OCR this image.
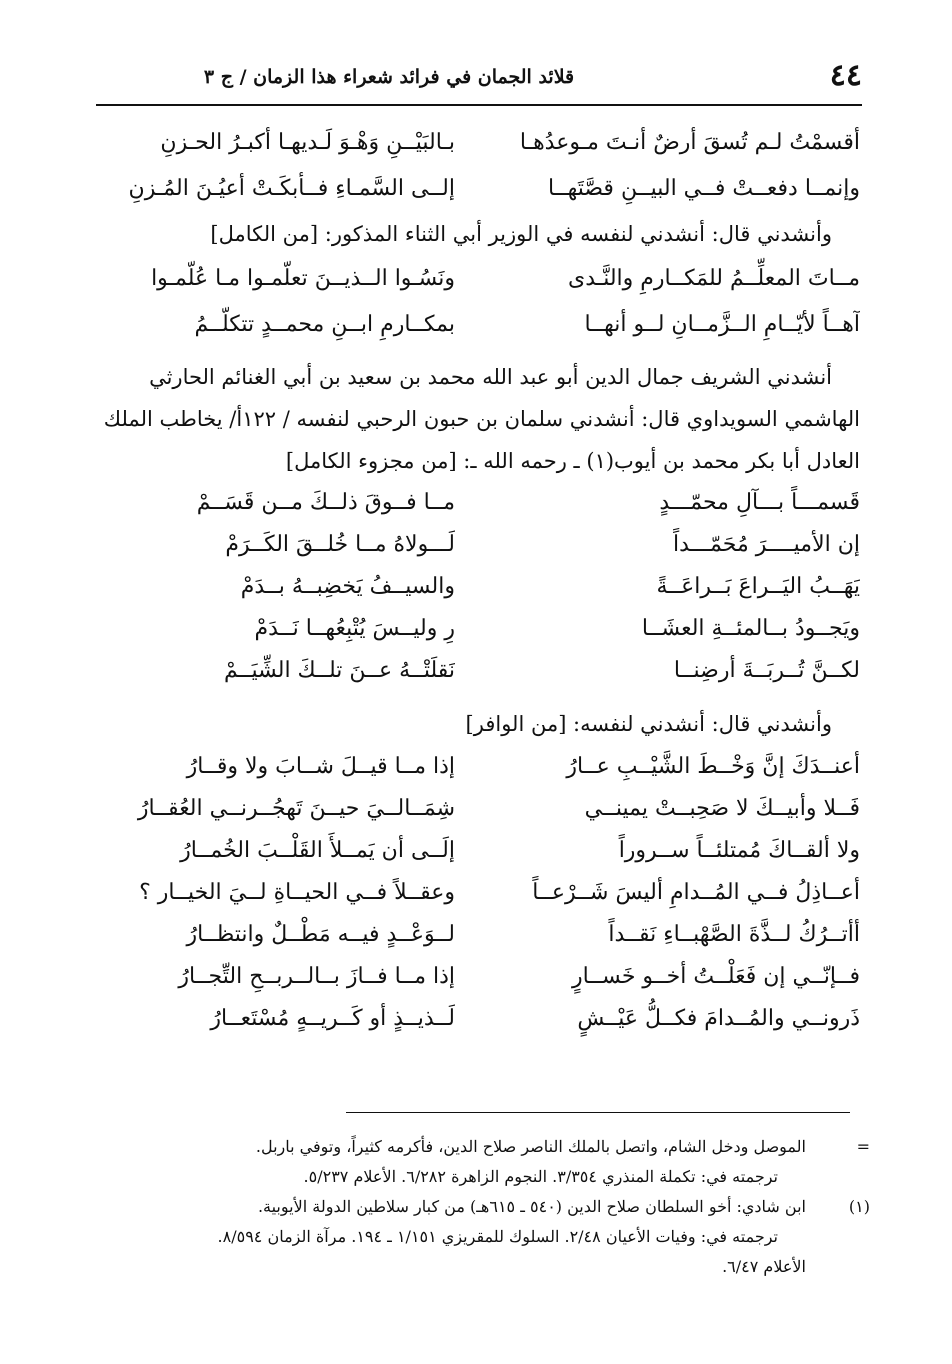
٤٤
قلائد الجمان في فرائد شعراء هذا الزمان / ج ٣
أقسمْتُ لـم تُسقَ أرضٌ أنـتَ مـوعدُهـا
بـالبَيْــنِ وَهْـوَ لَـديهـا أكبـرُ الحـزنِ
وإنمــا دفعــتْ فــي البيــنِ قصَّتَهــا
إلــى السَّمـاءِ فــأبكَـتْ أعيُـنَ المُـزنِ
وأنشدني قال: أنشدني لنفسه في الوزير أبي الثناء المذكور: [من الكامل]
مــاتَ المعلِّــمُ للمَكــارمِ والنَّـدى
ونَسُـوا الــذيــنَ تعلّمـوا مـا عُلّمـوا
آهــاً لأيّــامِ الــزَّمــانِ لــو أنهــا
بمكــارمِ ابــنِ محمــدٍ تتكلّــمُ
أنشدني الشريف جمال الدين أبو عبد الله محمد بن سعيد بن أبي الغنائم الحارثي
الهاشمي السويداوي قال: أنشدني سلمان بن حبون الرحبي لنفسه / ١٢٢أ/ يخاطب الملك
العادل أبا بكر محمد بن أيوب(١) ـ رحمه الله ـ: [من مجزوء الكامل]
قَسمـــاً بـــآلِ محمّـــدٍ
مــا فــوقَ ذلــكَ مــن قَسَــمْ
إن الأميــــرَ مُحَمّـــداً
لَـــولاهُ مــا خُلــقَ الكَــرَمْ
يَهَــبُ اليَــراعَ بَــراعَــةً
والسيــفُ يَخضِبــهُ بــدَمْ
ويَجــودُ بــالمئــةِ العشَــا
رِ وليــسَ يُتْبِعُهــا نَــدَمْ
لكــنَّ تُــربَــةَ أرضِنــا
نَقلَتْــهُ عــنَ تلــكَ الشِّيَــمْ
وأنشدني قال: أنشدني لنفسه: [من الوافر]
أعنــدَكَ إنَّ وَخْــطَ الشَّيْــبِ عــارُ
إذا مــا قيــلَ شــابَ ولا وقــارُ
فَــلا وأبيــكَ لا صَحِبــتْ يمينــي
شِمَــالــيَ حيــنَ تَهجُــرنــي العُقــارُ
ولا ألقــاكَ مُمتلئــاً ســروراً
إلَــى أن يَمــلأَ القَلْــبَ الخُمــارُ
أعــاذِلُ فــي المُــدامِ أليسَ شَــرْعــاً
وعقــلاً فــي الحيــاةِ لــيَ الخيــار ؟
أأتــرُكُ لــذَّةَ الصَّهْبــاءِ نَقــداً
لــوَعْــدٍ فيــه مَطْــلٌ وانتظــارُ
فــإنّــي إن فَعَلْــتُ أخــو خَســارٍ
إذا مــا فــازَ بــالــربــحِ التِّجــارُ
ذَرونــي والمُــدامَ فكــلُّ عَيْــشٍ
لَــذيــذٍ أو كَــريــهٍ مُسْتَعــارُ
=
الموصل ودخل الشام، واتصل بالملك الناصر صلاح الدين، فأكرمه كثيراً، وتوفي باربل.
ترجمته في: تكملة المنذري ٣/٣٥٤. النجوم الزاهرة ٦/٢٨٢. الأعلام ٥/٢٣٧.
(١)
ابن شادي: أخو السلطان صلاح الدين (٥٤٠ ـ ٦١٥هـ) من كبار سلاطين الدولة الأيوبية.
ترجمته في: وفيات الأعيان ٢/٤٨. السلوك للمقريزي ١/١٥١ ـ ١٩٤. مرآة الزمان ٨/٥٩٤.
الأعلام ٦/٤٧.
